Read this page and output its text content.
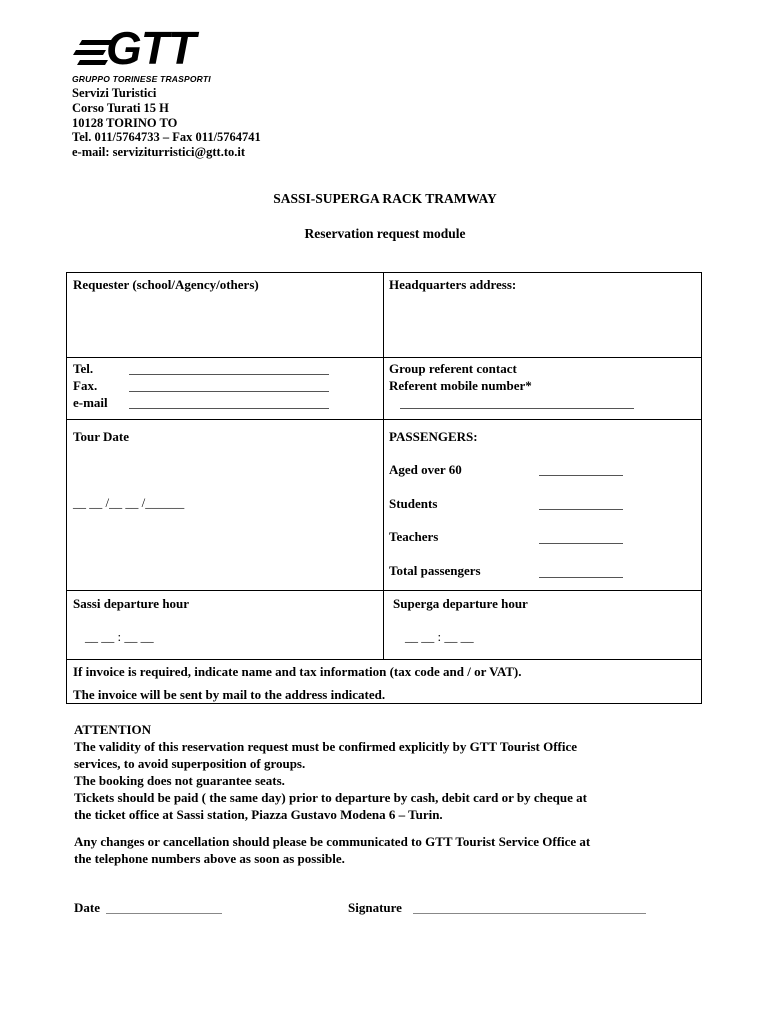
GTT
GRUPPO TORINESE TRASPORTI
Servizi Turistici
Corso Turati 15 H
10128 TORINO TO
Tel. 011/5764733 – Fax 011/5764741
e-mail: serviziturristici@gtt.to.it
SASSI-SUPERGA RACK TRAMWAY
Reservation request module
Requester (school/Agency/others)	Headquarters address:
Tel.
Fax.
e-mail
Group referent contact
Referent mobile number*
Tour Date
__ __ /__ __ /______
PASSENGERS:
Aged over 60
Students
Teachers
Total passengers
Sassi departure hour
__ __ : __ __
Superga departure hour
__ __ : __ __
If invoice is required, indicate name and tax information (tax code and / or VAT).
The invoice will be sent by mail to the address indicated.
ATTENTION
The validity of this reservation request must be confirmed explicitly by GTT Tourist Office
services, to avoid superposition of groups.
The booking does not guarantee seats.
Tickets should be paid ( the same day) prior to departure by cash, debit card or by cheque at
the ticket office at Sassi station, Piazza Gustavo Modena 6 – Turin.
Any changes or cancellation should please be communicated to GTT Tourist Service Office at
the telephone numbers above as soon as possible.
Date	Signature
